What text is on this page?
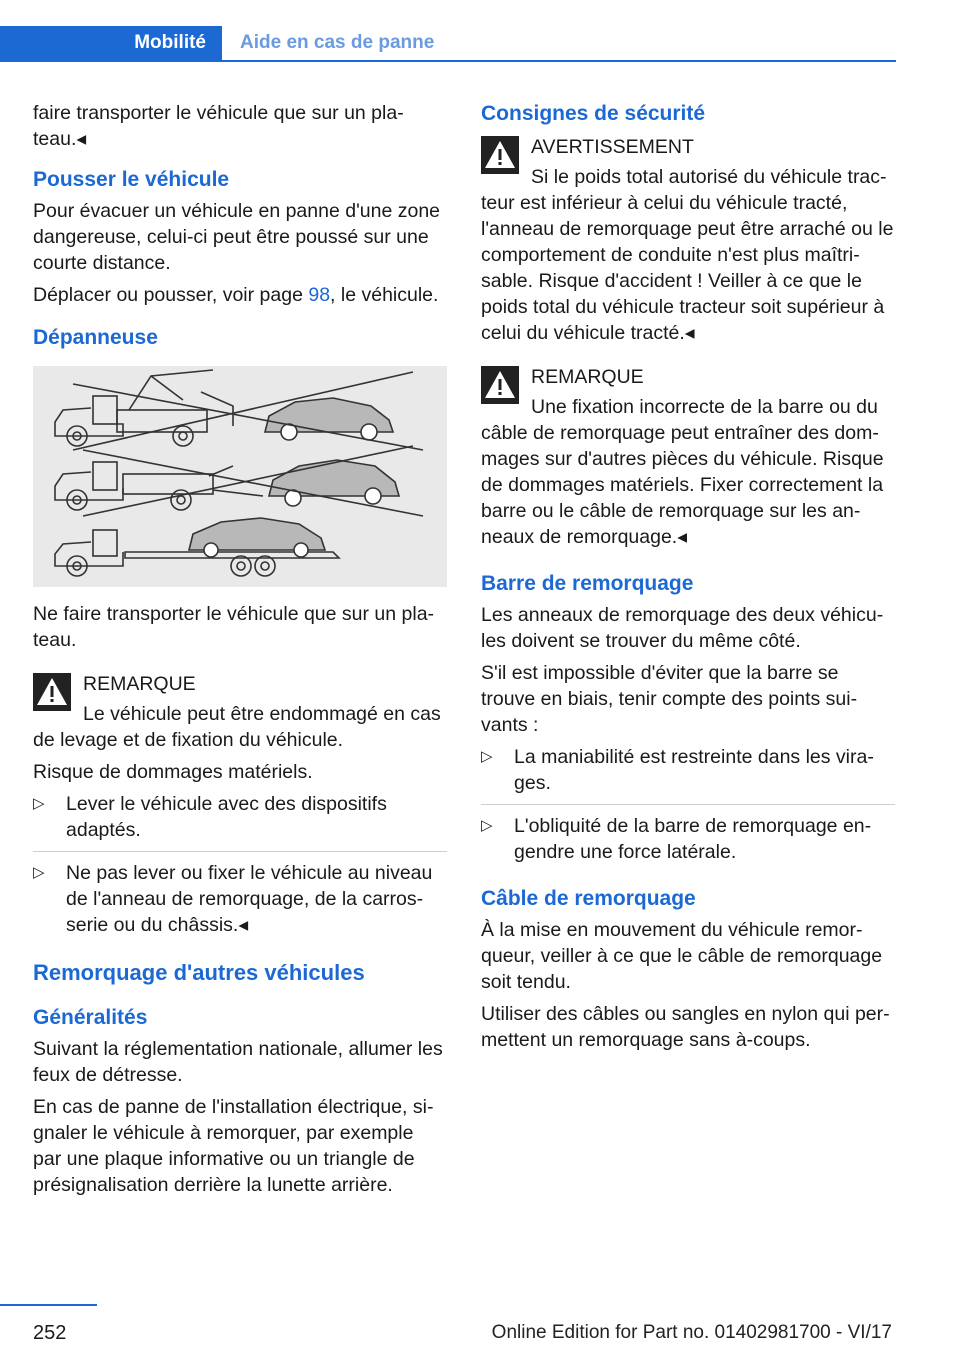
Mobilité	Aide en cas de panne

faire transporter le véhicule que sur un pla‐ teau.◂

Pousser le véhicule

Pour évacuer un véhicule en panne d'une zone dangereuse, celui-ci peut être poussé sur une courte distance.

Déplacer ou pousser, voir page 98, le véhicule.

Dépanneuse

Ne faire transporter le véhicule que sur un pla‐ teau.

REMARQUE

Le véhicule peut être endommagé en cas de levage et de fixation du véhicule.

Risque de dommages matériels.

▷ Lever le véhicule avec des dispositifs adaptés.
▷ Ne pas lever ou fixer le véhicule au niveau de l'anneau de remorquage, de la carros‐ serie ou du châssis.◂
Remorquage d'autres véhicules
Généralités

Suivant la réglementation nationale, allumer les feux de détresse.

En cas de panne de l'installation électrique, si‐ gnaler le véhicule à remorquer, par exemple par une plaque informative ou un triangle de présignalisation derrière la lunette arrière.

Consignes de sécurité
AVERTISSEMENT

Si le poids total autorisé du véhicule trac‐ teur est inférieur à celui du véhicule tracté, l'anneau de remorquage peut être arraché ou le comportement de conduite n'est plus maîtri‐ sable. Risque d'accident ! Veiller à ce que le poids total du véhicule tracteur soit supérieur à celui du véhicule tracté.◂

REMARQUE

Une fixation incorrecte de la barre ou du câble de remorquage peut entraîner des dom‐ mages sur d'autres pièces du véhicule. Risque de dommages matériels. Fixer correctement la barre ou le câble de remorquage sur les an‐ neaux de remorquage.◂

Barre de remorquage

Les anneaux de remorquage des deux véhicu‐ les doivent se trouver du même côté.

S'il est impossible d'éviter que la barre se trouve en biais, tenir compte des points sui‐ vants :

▷ La maniabilité est restreinte dans les vira‐ ges.
▷ L'obliquité de la barre de remorquage en‐ gendre une force latérale.
Câble de remorquage

À la mise en mouvement du véhicule remor‐ queur, veiller à ce que le câble de remorquage soit tendu.

Utiliser des câbles ou sangles en nylon qui per‐ mettent un remorquage sans à-coups.

252	Online Edition for Part no. 01402981700 - VI/17
